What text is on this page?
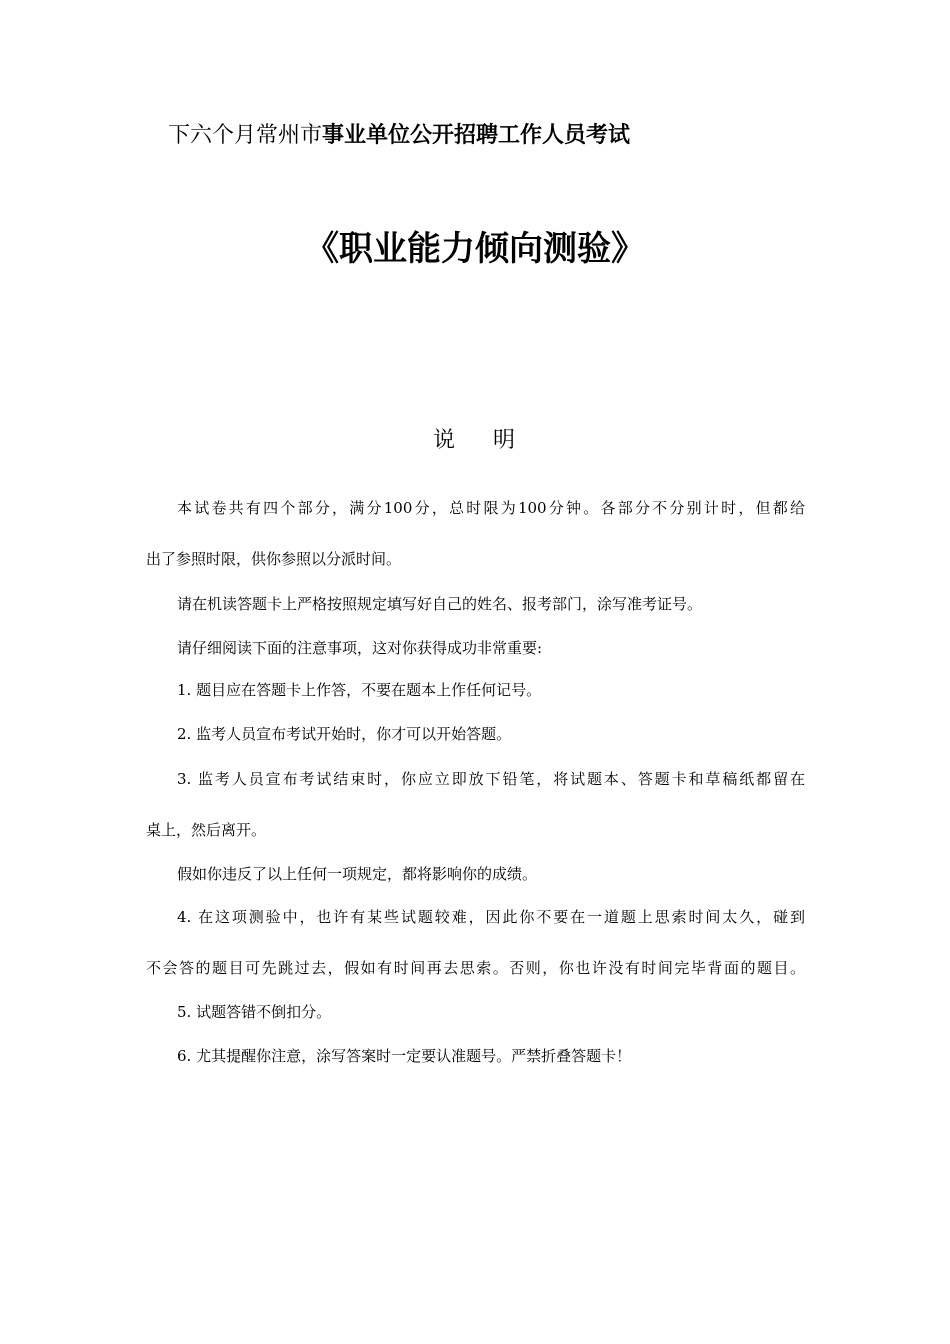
下六个月常州市事业单位公开招聘工作人员考试
《职业能力倾向测验》
说    明
本试卷共有四个部分，满分100分，总时限为100分钟。各部分不分别计时，但都给
出了参照时限，供你参照以分派时间。
请在机读答题卡上严格按照规定填写好自己的姓名、报考部门，涂写准考证号。
请仔细阅读下面的注意事项，这对你获得成功非常重要:
1. 题目应在答题卡上作答，不要在题本上作任何记号。
2. 监考人员宣布考试开始时，你才可以开始答题。
3. 监考人员宣布考试结束时，你应立即放下铅笔，将试题本、答题卡和草稿纸都留在
桌上，然后离开。
假如你违反了以上任何一项规定，都将影响你的成绩。
4. 在这项测验中，也许有某些试题较难，因此你不要在一道题上思索时间太久，碰到
不会答的题目可先跳过去，假如有时间再去思索。否则，你也许没有时间完毕背面的题目。
5. 试题答错不倒扣分。
6. 尤其提醒你注意，涂写答案时一定要认准题号。严禁折叠答题卡！
